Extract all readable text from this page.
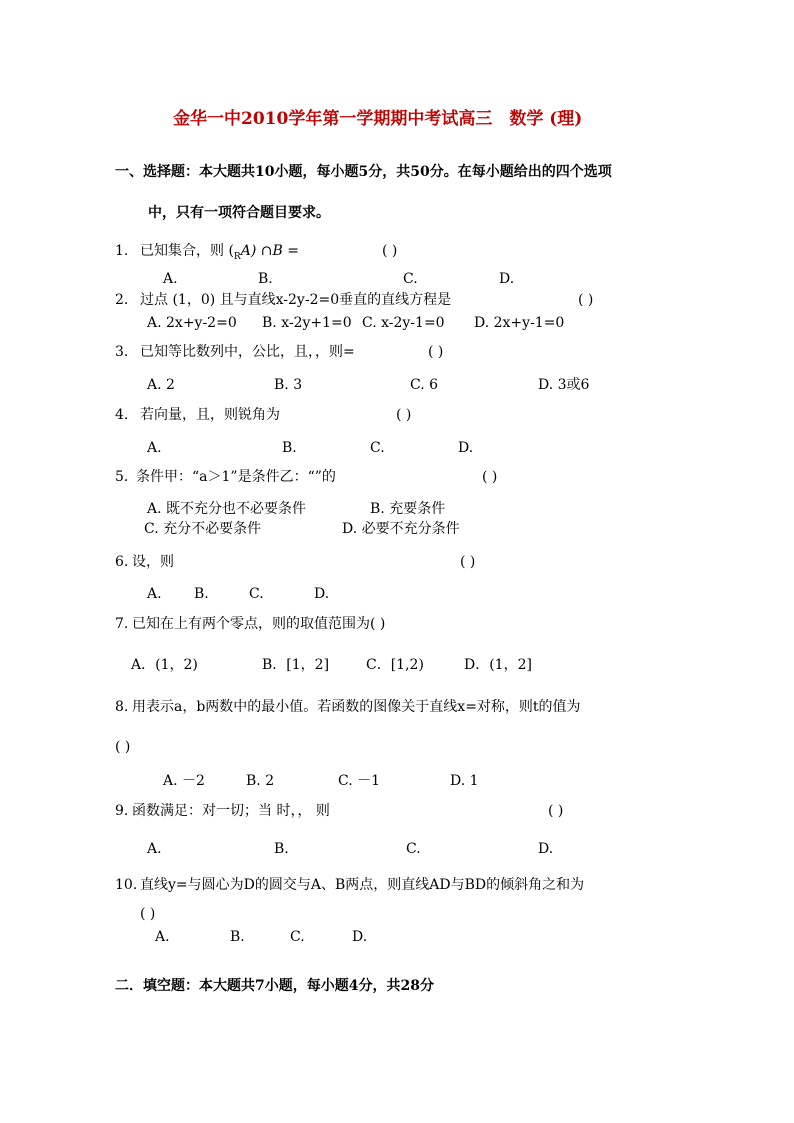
金华一中2010学年第一学期期中考试高三　数学 (理)
一、选择题：本大题共10小题，每小题5分，共50分。在每小题给出的四个选项
中，只有一项符合题目要求。
1. 已知集合，则 $(_RA)$ ∩B =	( )
A.	B.	C.	D.
2. 过点 (1，0) 且与直线x-2y-2=0垂直的直线方程是	( )
A. 2x+y-2=0 B. x-2y+1=0 C. x-2y-1=0 D. 2x+y-1=0
3. 已知等比数列中，公比，且，，则=	( )
A. 2	B. 3	C. 6	D. 3或6
4. 若向量，且，则锐角为	( )
A.	B.	C.	D.
5．
条件甲：“a＞1”是条件乙：“”的	( )
A. 既不充分也不必要条件	B. 充要条件
C. 充分不必要条件	D. 必要不充分条件
6. 设，则	( )
A. B.	C.	D.
7. 已知在上有两个零点，则的取值范围为( )
A．(1，2)	B．[1，2]	C．[1,2)	D．(1，2]
8. 用表示a，b两数中的最小值。若函数的图像关于直线x=对称，则t的值为
( )
A. －2	B. 2	C. －1	D. 1
9. 函数满足：对一切；当 时，， 则	( )
A.	B.	C.	D.
10. 直线y=与圆心为D的圆交与A、B两点，则直线AD与BD的倾斜角之和为
( )
A.	B.	C.	D.
二．填空题：本大题共7小题，每小题4分，共28分
